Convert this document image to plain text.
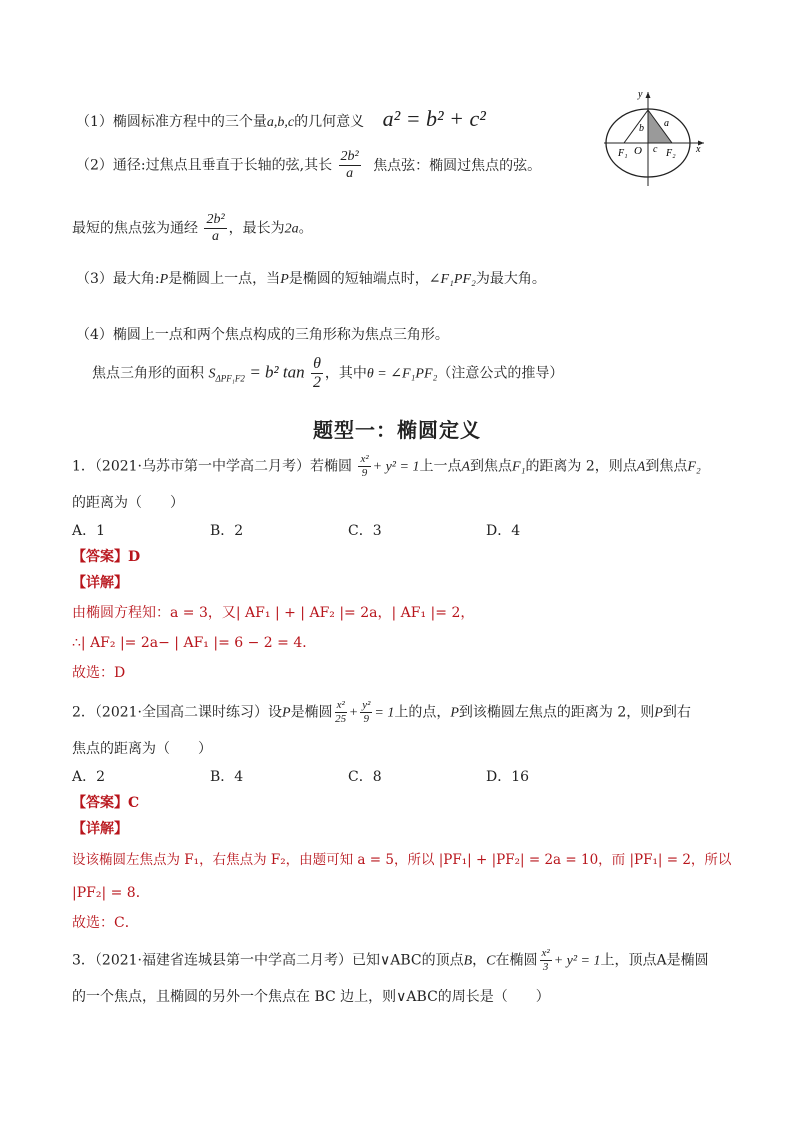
（1）椭圆标准方程中的三个量a,b,c的几何意义 a² = b² + c²
（2）通径:过焦点且垂直于长轴的弦,其长 $\frac{\text{2b²}}{a}$ 焦点弦：椭圆过焦点的弦。
最短的焦点弦为通经 $\frac{\text{2b²}}{a}$ ，最长为2a。
（3）最大角:P是椭圆上一点，当P是椭圆的短轴端点时，∠F₁PF₂为最大角。
（4）椭圆上一点和两个焦点构成的三角形称为焦点三角形。
焦点三角形的面积 $S_{\Delta PF_1F2} = b^2$ $\tan \frac{\theta}{2}$ ，其中θ = ∠F₁PF₂（注意公式的推导）
y
x
b a
O c
F₁	F₂
题型一：椭圆定义
1．（2021·乌苏市第一中学高二月考）若椭圆 $\frac{\text{x²}}{9} + y^2 = 1$上一点A到焦点F₁的距离为 2，则点A到焦点F₂
的距离为（　　）
A．1	B．2	C．3	D．4
【答案】D
【详解】
由椭圆方程知：a = 3，又| AF₁ | + | AF₂ |= 2a，| AF₁ |= 2，
∴| AF₂ |= 2a− | AF₁ |= 6 − 2 = 4．
故选：D
2．（2021·全国高二课时练习）设P是椭圆 $\frac{\text{x²}}{25} + \frac{\text{y²}}{9} = 1$上的点，P到该椭圆左焦点的距离为 2，则P到右
焦点的距离为（　　）
A．2	B．4	C．8	D．16
【答案】C
【详解】
设该椭圆左焦点为 F₁，右焦点为 F₂，由题可知 a = 5，所以 |PF₁| + |PF₂| = 2a = 10，而 |PF₁| = 2，所以
|PF₂| = 8．
故选：C．
3．（2021·福建省连城县第一中学高二月考）已知∨ABC的顶点B，C在椭圆 $\frac{\text{x²}}{3} + y^2 = 1$上，顶点A是椭圆
的一个焦点，且椭圆的另外一个焦点在 BC 边上，则∨ABC的周长是（　　）
